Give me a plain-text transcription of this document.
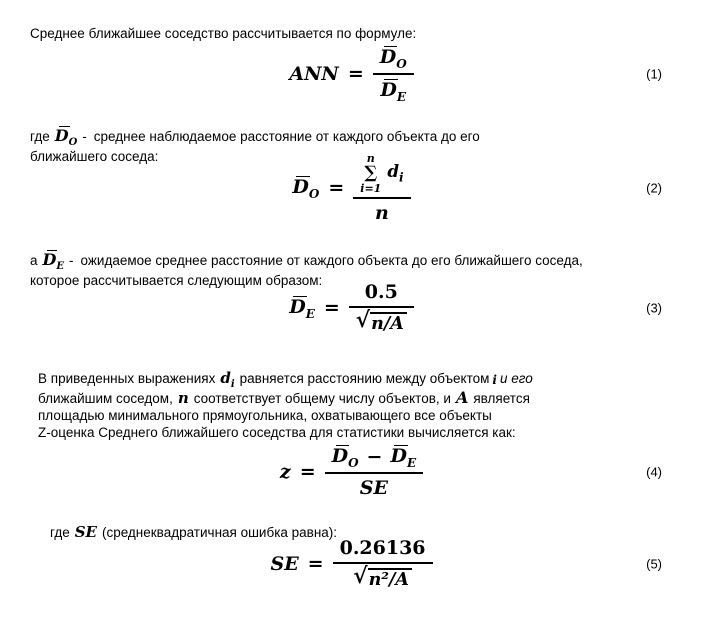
Среднее ближайшее соседство рассчитывается по формуле:

ANN = $\frac{D_O}{D_E}$	(1)

где $D_O$ - среднее наблюдаемое расстояние от каждого объекта до его
ближайшего соседа:

$D_O = n$
∑
i=1
$d_i$
n	(2)

а $D_E$ - ожидаемое среднее расстояние от каждого объекта до его ближайшего соседа,
которое рассчитывается следующим образом:

$D_E = \frac{0.5}{√ n/A}$	(3)

В приведенных выражениях $d_i$ равняется расстоянию между объектом i и его
ближайшим соседом, n соответствует общему числу объектов, и A является
площадью минимального прямоугольника, охватывающего все объекты
Z-оценка Среднего ближайшего соседства для статистики вычисляется как:

$z = \frac{D_O - D_E}{SE}$	(4)

где SE (среднеквадратичная ошибка равна):

SE = $\frac{0.26136}{\text{√ n²/A}}$	(5)
